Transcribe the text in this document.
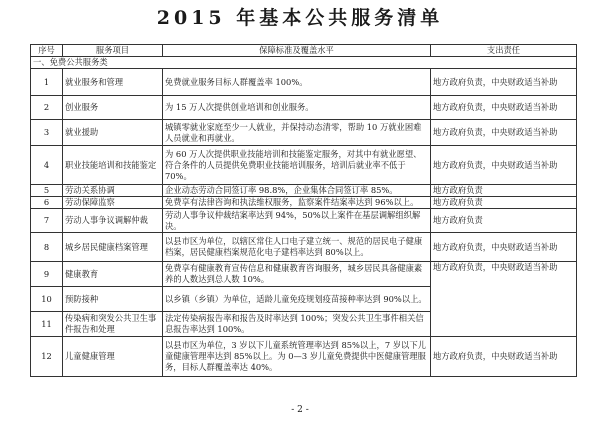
2015 年基本公共服务清单
序号	服务项目	保障标准及覆盖水平	支出责任
一、免费公共服务类			
1	就业服务和管理	免费就业服务目标人群覆盖率 100%。	地方政府负责，中央财政适当补助
2	创业服务	为 15 万人次提供创业培训和创业服务。	地方政府负责，中央财政适当补助
3	就业援助	城镇零就业家庭至少一人就业，并保持动态清零，帮助 10 万就业困难人员就业和再就业。	地方政府负责，中央财政适当补助
4	职业技能培训和技能鉴定	为 60 万人次提供职业技能培训和技能鉴定服务，对其中有就业愿望、符合条件的人员提供免费职业技能培训服务，培训后就业率不低于 70%。	地方政府负责，中央财政适当补助
5	劳动关系协调	企业动态劳动合同签订率 98.8%，企业集体合同签订率 85%。	地方政府负责
6	劳动保障监察	免费享有法律咨询和执法维权服务，监察案件结案率达到 96%以上。	地方政府负责
7	劳动人事争议调解仲裁	劳动人事争议仲裁结案率达到 94%，50%以上案件在基层调解组织解决。	地方政府负责
8	城乡居民健康档案管理	以县市区为单位，以辖区常住人口电子建立统一、规范的居民电子健康档案，居民健康档案规范化电子建档率达到 80%以上。	地方政府负责，中央财政适当补助
9	健康教育	免费享有健康教育宣传信息和健康教育咨询服务，城乡居民具备健康素养的人数达到总人数 10%。	地方政府负责，中央财政适当补助
10	预防接种	以乡镇（乡镇）为单位，适龄儿童免疫规划疫苗接种率达到 90%以上。	
11	传染病和突发公共卫生事件报告和处理	法定传染病报告率和报告及时率达到 100%；突发公共卫生事件相关信息报告率达到 100%。	
12	儿童健康管理	以县市区为单位，3 岁以下儿童系统管理率达到 85%以上，7 岁以下儿童健康管理率达到 85%以上。为 0—3 岁儿童免费提供中医健康管理服务，目标人群覆盖率达 40%。	地方政府负责，中央财政适当补助
- 2 -
